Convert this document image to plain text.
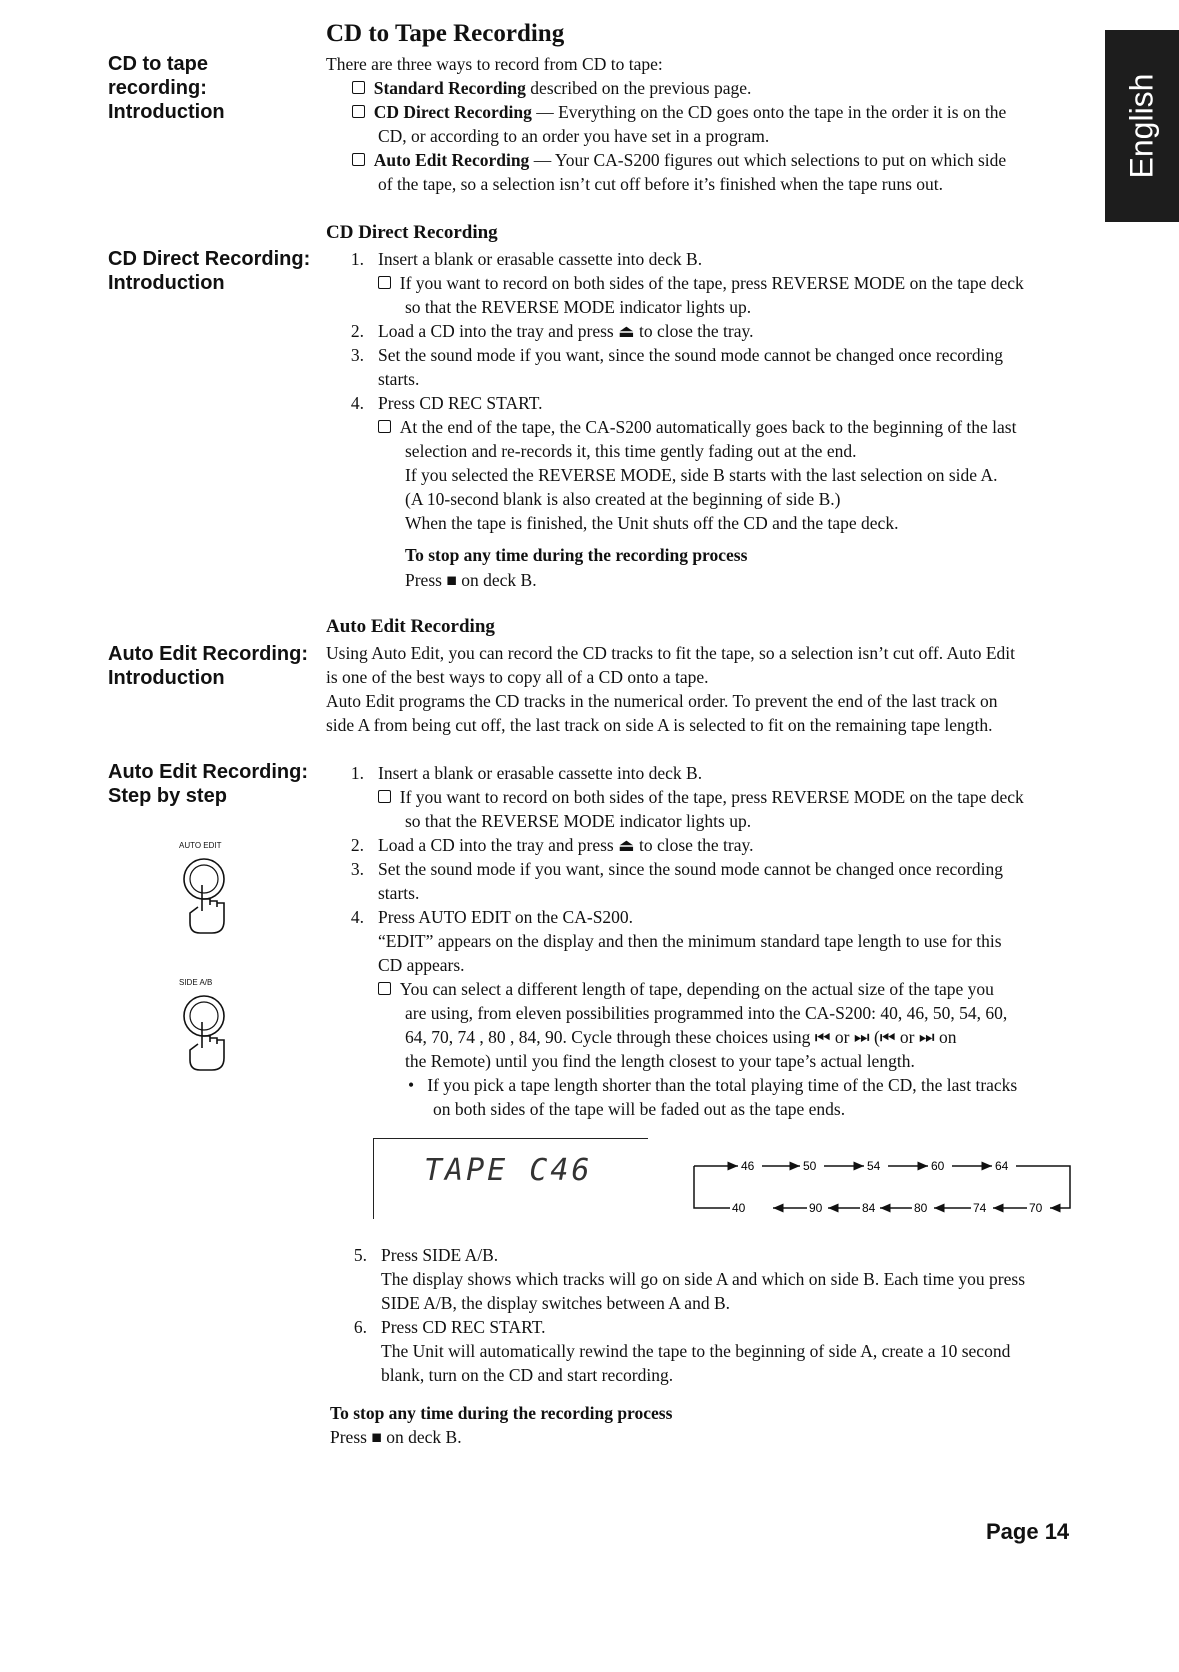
English
CD to tape
recording:
Introduction
CD Direct Recording:
Introduction
Auto Edit Recording:
Introduction
Auto Edit Recording:
Step by step
AUTO EDIT
SIDE A/B
CD to Tape Recording
There are three ways to record from CD to tape:
Standard Recording described on the previous page.
CD Direct Recording — Everything on the CD goes onto the tape in the order it is on the
CD, or according to an order you have set in a program.
Auto Edit Recording — Your CA-S200 figures out which selections to put on which side
of the tape, so a selection isn’t cut off before it’s finished when the tape runs out.
CD Direct Recording
1. Insert a blank or erasable cassette into deck B.
If you want to record on both sides of the tape, press REVERSE MODE on the tape deck
so that the REVERSE MODE indicator lights up.
2. Load a CD into the tray and press ⏏ to close the tray.
3. Set the sound mode if you want, since the sound mode cannot be changed once recording
starts.
4. Press CD REC START.
At the end of the tape, the CA-S200 automatically goes back to the beginning of the last
selection and re-records it, this time gently fading out at the end.
If you selected the REVERSE MODE, side B starts with the last selection on side A.
(A 10-second blank is also created at the beginning of side B.)
When the tape is finished, the Unit shuts off the CD and the tape deck.
To stop any time during the recording process
Press ■ on deck B.
Auto Edit Recording
Using Auto Edit, you can record the CD tracks to fit the tape, so a selection isn’t cut off. Auto Edit
is one of the best ways to copy all of a CD onto a tape.
Auto Edit programs the CD tracks in the numerical order. To prevent the end of the last track on
side A from being cut off, the last track on side A is selected to fit on the remaining tape length.
1. Insert a blank or erasable cassette into deck B.
If you want to record on both sides of the tape, press REVERSE MODE on the tape deck
so that the REVERSE MODE indicator lights up.
2. Load a CD into the tray and press ⏏ to close the tray.
3. Set the sound mode if you want, since the sound mode cannot be changed once recording
starts.
4. Press AUTO EDIT on the CA-S200.
“EDIT” appears on the display and then the minimum standard tape length to use for this
CD appears.
You can select a different length of tape, depending on the actual size of the tape you
are using, from eleven possibilities programmed into the CA-S200: 40, 46, 50, 54, 60,
64, 70, 74 , 80 , 84, 90. Cycle through these choices using ⏮ or ⏭ (⏮ or ⏭ on
the Remote) until you find the length closest to your tape’s actual length.
•   If you pick a tape length shorter than the total playing time of the CD, the last tracks
on both sides of the tape will be faded out as the tape ends.
TAPE C46	46	50	54	60	64
40	90	84	80	74	70
5. Press SIDE A/B.
The display shows which tracks will go on side A and which on side B. Each time you press
SIDE A/B, the display switches between A and B.
6. Press CD REC START.
The Unit will automatically rewind the tape to the beginning of side A, create a 10 second
blank, turn on the CD and start recording.
To stop any time during the recording process
Press ■ on deck B.
Page 14
